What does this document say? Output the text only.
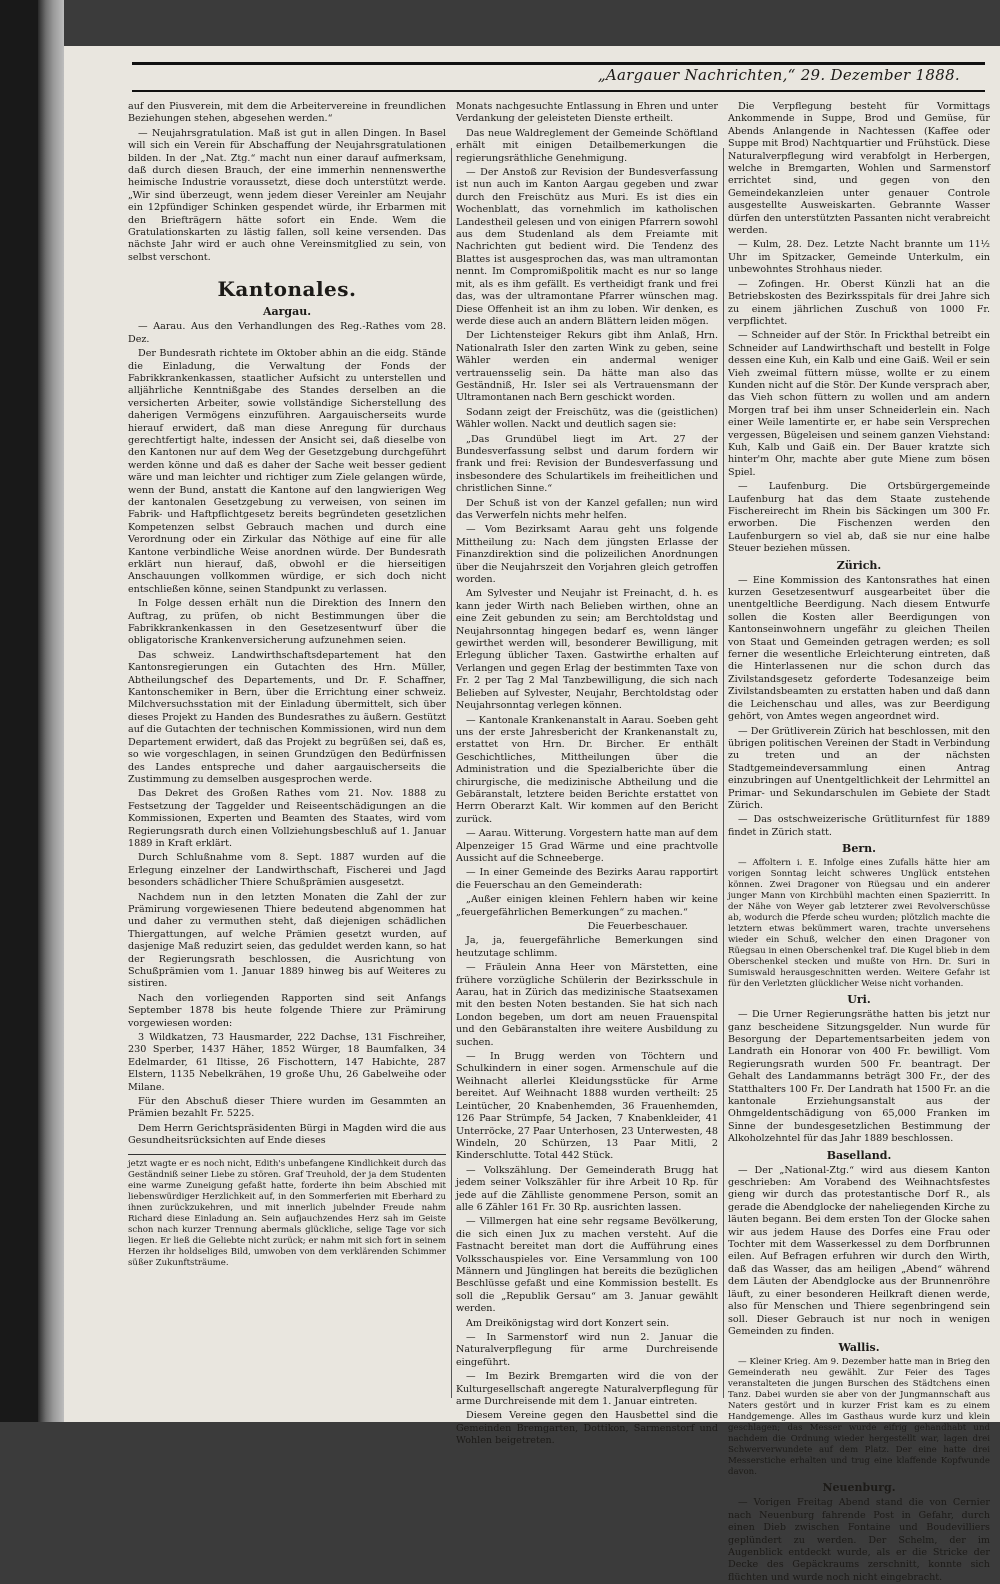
„Aargauer Nachrichten,“ 29. Dezember 1888.

auf den Piusverein, mit dem die Arbeitervereine in freundlichen Beziehungen stehen, abgesehen werden.“

— Neujahrsgratulation. Maß ist gut in allen Dingen. In Basel will sich ein Verein für Abschaffung der Neujahrsgratulationen bilden. In der „Nat. Ztg.“ macht nun einer darauf aufmerksam, daß durch diesen Brauch, der eine immerhin nennenswerthe heimische Industrie voraussetzt, diese doch unterstützt werde. „Wir sind überzeugt, wenn jedem dieser Vereinler am Neujahr ein 12pfündiger Schinken gespendet würde, ihr Erbarmen mit den Briefträgern hätte sofort ein Ende. Wem die Gratulationskarten zu lästig fallen, soll keine versenden. Das nächste Jahr wird er auch ohne Vereinsmitglied zu sein, von selbst verschont.

Kantonales.
Aargau.

— Aarau. Aus den Verhandlungen des Reg.-Rathes vom 28. Dez.

Der Bundesrath richtete im Oktober abhin an die eidg. Stände die Einladung, die Verwaltung der Fonds der Fabrikkrankenkassen, staatlicher Aufsicht zu unterstellen und alljährliche Kenntnißgabe des Standes derselben an die versicherten Arbeiter, sowie vollständige Sicherstellung des daherigen Vermögens einzuführen. Aargauischerseits wurde hierauf erwidert, daß man diese Anregung für durchaus gerechtfertigt halte, indessen der Ansicht sei, daß dieselbe von den Kantonen nur auf dem Weg der Gesetzgebung durchgeführt werden könne und daß es daher der Sache weit besser gedient wäre und man leichter und richtiger zum Ziele gelangen würde, wenn der Bund, anstatt die Kantone auf den langwierigen Weg der kantonalen Gesetzgebung zu verweisen, von seinen im Fabrik- und Haftpflichtgesetz bereits begründeten gesetzlichen Kompetenzen selbst Gebrauch machen und durch eine Verordnung oder ein Zirkular das Nöthige auf eine für alle Kantone verbindliche Weise anordnen würde. Der Bundesrath erklärt nun hierauf, daß, obwohl er die hierseitigen Anschauungen vollkommen würdige, er sich doch nicht entschließen könne, seinen Standpunkt zu verlassen.

In Folge dessen erhält nun die Direktion des Innern den Auftrag, zu prüfen, ob nicht Bestimmungen über die Fabrikkrankenkassen in den Gesetzesentwurf über die obligatorische Krankenversicherung aufzunehmen seien.

Das schweiz. Landwirthschaftsdepartement hat den Kantonsregierungen ein Gutachten des Hrn. Müller, Abtheilungschef des Departements, und Dr. F. Schaffner, Kantonschemiker in Bern, über die Errichtung einer schweiz. Milchversuchsstation mit der Einladung übermittelt, sich über dieses Projekt zu Handen des Bundesrathes zu äußern. Gestützt auf die Gutachten der technischen Kommissionen, wird nun dem Departement erwidert, daß das Projekt zu begrüßen sei, daß es, so wie vorgeschlagen, in seinen Grundzügen den Bedürfnissen des Landes entspreche und daher aargauischerseits die Zustimmung zu demselben ausgesprochen werde.

Das Dekret des Großen Rathes vom 21. Nov. 1888 zu Festsetzung der Taggelder und Reiseentschädigungen an die Kommissionen, Experten und Beamten des Staates, wird vom Regierungsrath durch einen Vollziehungsbeschluß auf 1. Januar 1889 in Kraft erklärt.

Durch Schlußnahme vom 8. Sept. 1887 wurden auf die Erlegung einzelner der Landwirthschaft, Fischerei und Jagd besonders schädlicher Thiere Schußprämien ausgesetzt.

Nachdem nun in den letzten Monaten die Zahl der zur Prämirung vorgewiesenen Thiere bedeutend abgenommen hat und daher zu vermuthen steht, daß diejenigen schädlichen Thiergattungen, auf welche Prämien gesetzt wurden, auf dasjenige Maß reduzirt seien, das geduldet werden kann, so hat der Regierungsrath beschlossen, die Ausrichtung von Schußprämien vom 1. Januar 1889 hinweg bis auf Weiteres zu sistiren.

Nach den vorliegenden Rapporten sind seit Anfangs September 1878 bis heute folgende Thiere zur Prämirung vorgewiesen worden:

3 Wildkatzen, 73 Hausmarder, 222 Dachse, 131 Fischreiher, 230 Sperber, 1437 Häher, 1852 Würger, 18 Baumfalken, 34 Edelmarder, 61 Iltisse, 26 Fischottern, 147 Habichte, 287 Elstern, 1135 Nebelkrähen, 19 große Uhu, 26 Gabelweihe oder Milane.

Für den Abschuß dieser Thiere wurden im Gesammten an Prämien bezahlt Fr. 5225.

Dem Herrn Gerichtspräsidenten Bürgi in Magden wird die aus Gesundheitsrücksichten auf Ende dieses

jetzt wagte er es noch nicht, Edith's unbefangene Kindlichkeit durch das Geständniß seiner Liebe zu stören. Graf Treuhold, der ja dem Studenten eine warme Zuneigung gefaßt hatte, forderte ihn beim Abschied mit liebenswürdiger Herzlichkeit auf, in den Sommerferien mit Eberhard zu ihnen zurückzukehren, und mit innerlich jubelnder Freude nahm Richard diese Einladung an. Sein aufjauchzendes Herz sah im Geiste schon nach kurzer Trennung abermals glückliche, selige Tage vor sich liegen. Er ließ die Geliebte nicht zurück; er nahm mit sich fort in seinem Herzen ihr holdseliges Bild, umwoben von dem verklärenden Schimmer süßer Zukunftsträume.

Monats nachgesuchte Entlassung in Ehren und unter Verdankung der geleisteten Dienste ertheilt.

Das neue Waldreglement der Gemeinde Schöftland erhält mit einigen Detailbemerkungen die regierungsräthliche Genehmigung.

— Der Anstoß zur Revision der Bundesverfassung ist nun auch im Kanton Aargau gegeben und zwar durch den Freischütz aus Muri. Es ist dies ein Wochenblatt, das vornehmlich im katholischen Landestheil gelesen und von einigen Pfarrern sowohl aus dem Studenland als dem Freiamte mit Nachrichten gut bedient wird. Die Tendenz des Blattes ist ausgesprochen das, was man ultramontan nennt. Im Compromißpolitik macht es nur so lange mit, als es ihm gefällt. Es vertheidigt frank und frei das, was der ultramontane Pfarrer wünschen mag. Diese Offenheit ist an ihm zu loben. Wir denken, es werde diese auch an andern Blättern leiden mögen.

Der Lichtensteiger Rekurs gibt ihm Anlaß, Hrn. Nationalrath Isler den zarten Wink zu geben, seine Wähler werden ein andermal weniger vertrauensselig sein. Da hätte man also das Geständniß, Hr. Isler sei als Vertrauensmann der Ultramontanen nach Bern geschickt worden.

Sodann zeigt der Freischütz, was die (geistlichen) Wähler wollen. Nackt und deutlich sagen sie:

„Das Grundübel liegt im Art. 27 der Bundesverfassung selbst und darum fordern wir frank und frei: Revision der Bundesverfassung und insbesondere des Schulartikels im freiheitlichen und christlichen Sinne.“

Der Schuß ist von der Kanzel gefallen; nun wird das Verwerfeln nichts mehr helfen.

— Vom Bezirksamt Aarau geht uns folgende Mittheilung zu: Nach dem jüngsten Erlasse der Finanzdirektion sind die polizeilichen Anordnungen über die Neujahrszeit den Vorjahren gleich getroffen worden.

Am Sylvester und Neujahr ist Freinacht, d. h. es kann jeder Wirth nach Belieben wirthen, ohne an eine Zeit gebunden zu sein; am Berchtoldstag und Neujahrsonntag hingegen bedarf es, wenn länger gewirthet werden will, besonderer Bewilligung, mit Erlegung üblicher Taxen. Gastwirthe erhalten auf Verlangen und gegen Erlag der bestimmten Taxe von Fr. 2 per Tag 2 Mal Tanzbewilligung, die sich nach Belieben auf Sylvester, Neujahr, Berchtoldstag oder Neujahrsonntag verlegen können.

— Kantonale Krankenanstalt in Aarau. Soeben geht uns der erste Jahresbericht der Krankenanstalt zu, erstattet von Hrn. Dr. Bircher. Er enthält Geschichtliches, Mittheilungen über die Administration und die Spezialberichte über die chirurgische, die medizinische Abtheilung und die Gebäranstalt, letztere beiden Berichte erstattet von Herrn Oberarzt Kalt. Wir kommen auf den Bericht zurück.

— Aarau. Witterung. Vorgestern hatte man auf dem Alpenzeiger 15 Grad Wärme und eine prachtvolle Aussicht auf die Schneeberge.

— In einer Gemeinde des Bezirks Aarau rapportirt die Feuerschau an den Gemeinderath:

„Außer einigen kleinen Fehlern haben wir keine „feuergefährlichen Bemerkungen“ zu machen.“

Die Feuerbeschauer.

Ja, ja, feuergefährliche Bemerkungen sind heutzutage schlimm.

— Fräulein Anna Heer von Märstetten, eine frühere vorzügliche Schülerin der Bezirksschule in Aarau, hat in Zürich das medizinische Staatsexamen mit den besten Noten bestanden. Sie hat sich nach London begeben, um dort am neuen Frauenspital und den Gebäranstalten ihre weitere Ausbildung zu suchen.

— In Brugg werden von Töchtern und Schulkindern in einer sogen. Armenschule auf die Weihnacht allerlei Kleidungsstücke für Arme bereitet. Auf Weihnacht 1888 wurden vertheilt: 25 Leintücher, 20 Knabenhemden, 36 Frauenhemden, 126 Paar Strümpfe, 54 Jacken, 7 Knabenkleider, 41 Unterröcke, 27 Paar Unterhosen, 23 Unterwesten, 48 Windeln, 20 Schürzen, 13 Paar Mitli, 2 Kinderschlutte. Total 442 Stück.

— Volkszählung. Der Gemeinderath Brugg hat jedem seiner Volkszähler für ihre Arbeit 10 Rp. für jede auf die Zählliste genommene Person, somit an alle 6 Zähler 161 Fr. 30 Rp. ausrichten lassen.

— Villmergen hat eine sehr regsame Bevölkerung, die sich einen Jux zu machen versteht. Auf die Fastnacht bereitet man dort die Aufführung eines Volksschauspieles vor. Eine Versammlung von 100 Männern und Jünglingen hat bereits die bezüglichen Beschlüsse gefaßt und eine Kommission bestellt. Es soll die „Republik Gersau“ am 3. Januar gewählt werden.

Am Dreikönigstag wird dort Konzert sein.

— In Sarmenstorf wird nun 2. Januar die Naturalverpflegung für arme Durchreisende eingeführt.

— Im Bezirk Bremgarten wird die von der Kulturgesellschaft angeregte Naturalverpflegung für arme Durchreisende mit dem 1. Januar eintreten.

Diesem Vereine gegen den Hausbettel sind die Gemeinden Bremgarten, Dottikon, Sarmenstorf und Wohlen beigetreten.

Die Verpflegung besteht für Vormittags Ankommende in Suppe, Brod und Gemüse, für Abends Anlangende in Nachtessen (Kaffee oder Suppe mit Brod) Nachtquartier und Frühstück. Diese Naturalverpflegung wird verabfolgt in Herbergen, welche in Bremgarten, Wohlen und Sarmenstorf errichtet sind, und gegen von den Gemeindekanzleien unter genauer Controle ausgestellte Ausweiskarten. Gebrannte Wasser dürfen den unterstützten Passanten nicht verabreicht werden.

— Kulm, 28. Dez. Letzte Nacht brannte um 11½ Uhr im Spitzacker, Gemeinde Unterkulm, ein unbewohntes Strohhaus nieder.

— Zofingen. Hr. Oberst Künzli hat an die Betriebskosten des Bezirksspitals für drei Jahre sich zu einem jährlichen Zuschuß von 1000 Fr. verpflichtet.

— Schneider auf der Stör. In Frickthal betreibt ein Schneider auf Landwirthschaft und bestellt in Folge dessen eine Kuh, ein Kalb und eine Gaiß. Weil er sein Vieh zweimal füttern müsse, wollte er zu einem Kunden nicht auf die Stör. Der Kunde versprach aber, das Vieh schon füttern zu wollen und am andern Morgen traf bei ihm unser Schneiderlein ein. Nach einer Weile lamentirte er, er habe sein Versprechen vergessen, Bügeleisen und seinem ganzen Viehstand: Kuh, Kalb und Gaiß ein. Der Bauer kratzte sich hinter'm Ohr, machte aber gute Miene zum bösen Spiel.

— Laufenburg. Die Ortsbürgergemeinde Laufenburg hat das dem Staate zustehende Fischereirecht im Rhein bis Säckingen um 300 Fr. erworben. Die Fischenzen werden den Laufenburgern so viel ab, daß sie nur eine halbe Steuer beziehen müssen.

Zürich.

— Eine Kommission des Kantonsrathes hat einen kurzen Gesetzesentwurf ausgearbeitet über die unentgeltliche Beerdigung. Nach diesem Entwurfe sollen die Kosten aller Beerdigungen von Kantonseinwohnern ungefähr zu gleichen Theilen von Staat und Gemeinden getragen werden; es soll ferner die wesentliche Erleichterung eintreten, daß die Hinterlassenen nur die schon durch das Zivilstandsgesetz geforderte Todesanzeige beim Zivilstandsbeamten zu erstatten haben und daß dann die Leichenschau und alles, was zur Beerdigung gehört, von Amtes wegen angeordnet wird.

— Der Grütliverein Zürich hat beschlossen, mit den übrigen politischen Vereinen der Stadt in Verbindung zu treten und an der nächsten Stadtgemeindeversammlung einen Antrag einzubringen auf Unentgeltlichkeit der Lehrmittel an Primar- und Sekundarschulen im Gebiete der Stadt Zürich.

— Das ostschweizerische Grütliturnfest für 1889 findet in Zürich statt.

Bern.

— Affoltern i. E. Infolge eines Zufalls hätte hier am vorigen Sonntag leicht schweres Unglück entstehen können. Zwei Dragoner von Rüegsau und ein anderer junger Mann von Kirchbühl machten einen Spazierritt. In der Nähe von Weyer gab letzterer zwei Revolverschüsse ab, wodurch die Pferde scheu wurden; plötzlich machte die letztern etwas bekümmert waren, trachte unversehens wieder ein Schuß, welcher den einen Dragoner von Rüegsau in einen Oberschenkel traf. Die Kugel blieb in dem Oberschenkel stecken und mußte von Hrn. Dr. Suri in Sumiswald herausgeschnitten werden. Weitere Gefahr ist für den Verletzten glücklicher Weise nicht vorhanden.

Uri.

— Die Urner Regierungsräthe hatten bis jetzt nur ganz bescheidene Sitzungsgelder. Nun wurde für Besorgung der Departementsarbeiten jedem von Landrath ein Honorar von 400 Fr. bewilligt. Vom Regierungsrath wurden 500 Fr. beantragt. Der Gehalt des Landammanns beträgt 300 Fr., der des Statthalters 100 Fr. Der Landrath hat 1500 Fr. an die kantonale Erziehungsanstalt aus der Ohmgeldentschädigung von 65,000 Franken im Sinne der bundesgesetzlichen Bestimmung der Alkoholzehntel für das Jahr 1889 beschlossen.

Baselland.

— Der „National-Ztg.“ wird aus diesem Kanton geschrieben: Am Vorabend des Weihnachtsfestes gieng wir durch das protestantische Dorf R., als gerade die Abendglocke der naheliegenden Kirche zu läuten begann. Bei dem ersten Ton der Glocke sahen wir aus jedem Hause des Dorfes eine Frau oder Tochter mit dem Wasserkessel zu dem Dorfbrunnen eilen. Auf Befragen erfuhren wir durch den Wirth, daß das Wasser, das am heiligen „Abend“ während dem Läuten der Abendglocke aus der Brunnenröhre läuft, zu einer besonderen Heilkraft dienen werde, also für Menschen und Thiere segenbringend sein soll. Dieser Gebrauch ist nur noch in wenigen Gemeinden zu finden.

Wallis.

— Kleiner Krieg. Am 9. Dezember hatte man in Brieg den Gemeinderath neu gewählt. Zur Feier des Tages veranstalteten die jungen Burschen des Städtchens einen Tanz. Dabei wurden sie aber von der Jungmannschaft aus Naters gestört und in kurzer Frist kam es zu einem Handgemenge. Alles im Gasthaus wurde kurz und klein geschlagen; das Messer wurde eifrig gehandhabt und nachdem die Ordnung wieder hergestellt war, lagen drei Schwerverwundete auf dem Platz. Der eine hatte drei Messerstiche erhalten und trug eine klaffende Kopfwunde davon.

Neuenburg.

— Vorigen Freitag Abend stand die von Cernier nach Neuenburg fahrende Post in Gefahr, durch einen Dieb zwischen Fontaine und Boudevilliers geplündert zu werden. Der Schelm, der im Augenblick entdeckt wurde, als er die Stricke der Decke des Gepäckraums zerschnitt, konnte sich flüchten und wurde noch nicht eingebracht.
